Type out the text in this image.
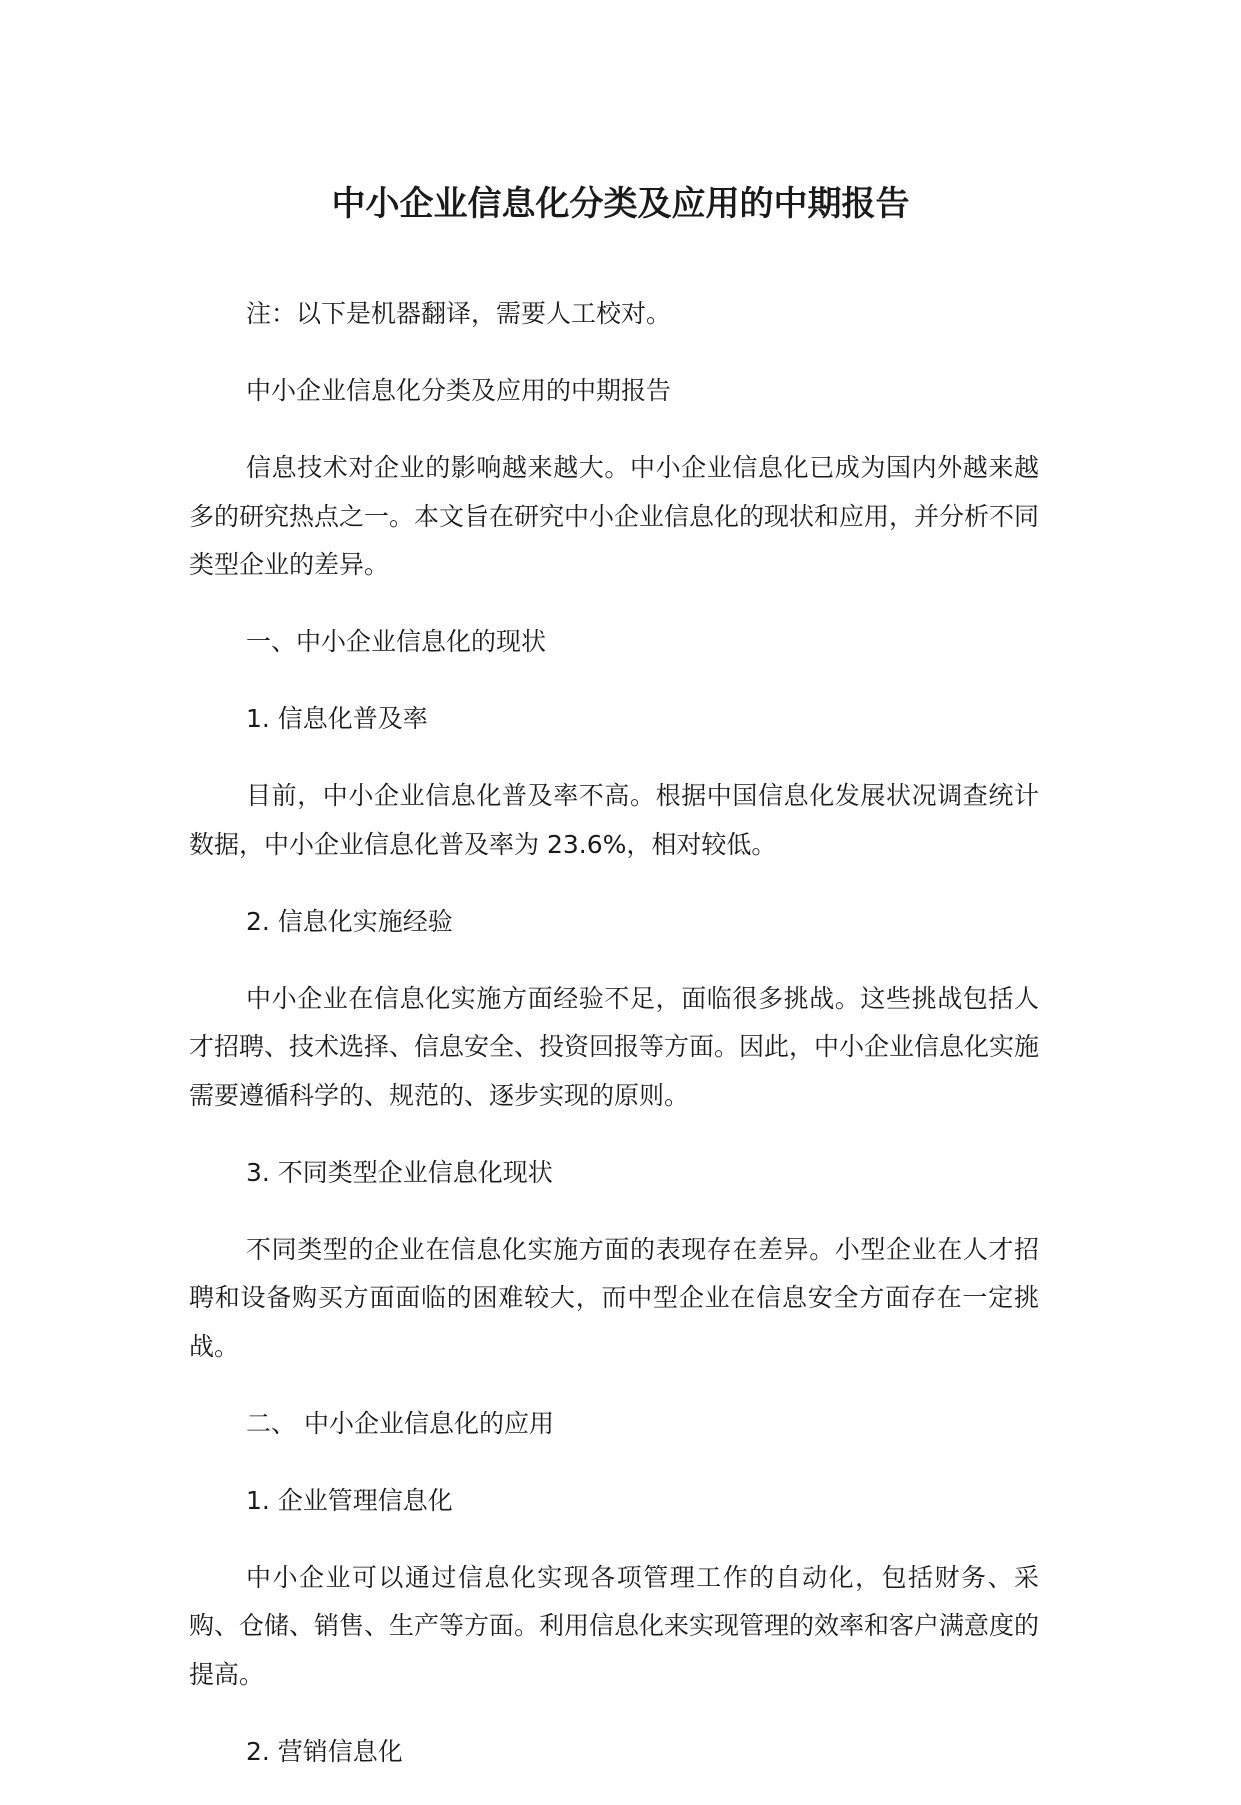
中小企业信息化分类及应用的中期报告

注：以下是机器翻译，需要人工校对。

中小企业信息化分类及应用的中期报告

信息技术对企业的影响越来越大。中小企业信息化已成为国内外越来越多的研究热点之一。本文旨在研究中小企业信息化的现状和应用，并分析不同类型企业的差异。

一、中小企业信息化的现状

1. 信息化普及率

目前，中小企业信息化普及率不高。根据中国信息化发展状况调查统计数据，中小企业信息化普及率为 23.6%，相对较低。

2. 信息化实施经验

中小企业在信息化实施方面经验不足，面临很多挑战。这些挑战包括人才招聘、技术选择、信息安全、投资回报等方面。因此，中小企业信息化实施需要遵循科学的、规范的、逐步实现的原则。

3. 不同类型企业信息化现状

不同类型的企业在信息化实施方面的表现存在差异。小型企业在人才招聘和设备购买方面面临的困难较大，而中型企业在信息安全方面存在一定挑战。

二、 中小企业信息化的应用

1. 企业管理信息化

中小企业可以通过信息化实现各项管理工作的自动化，包括财务、采购、仓储、销售、生产等方面。利用信息化来实现管理的效率和客户满意度的提高。

2. 营销信息化
